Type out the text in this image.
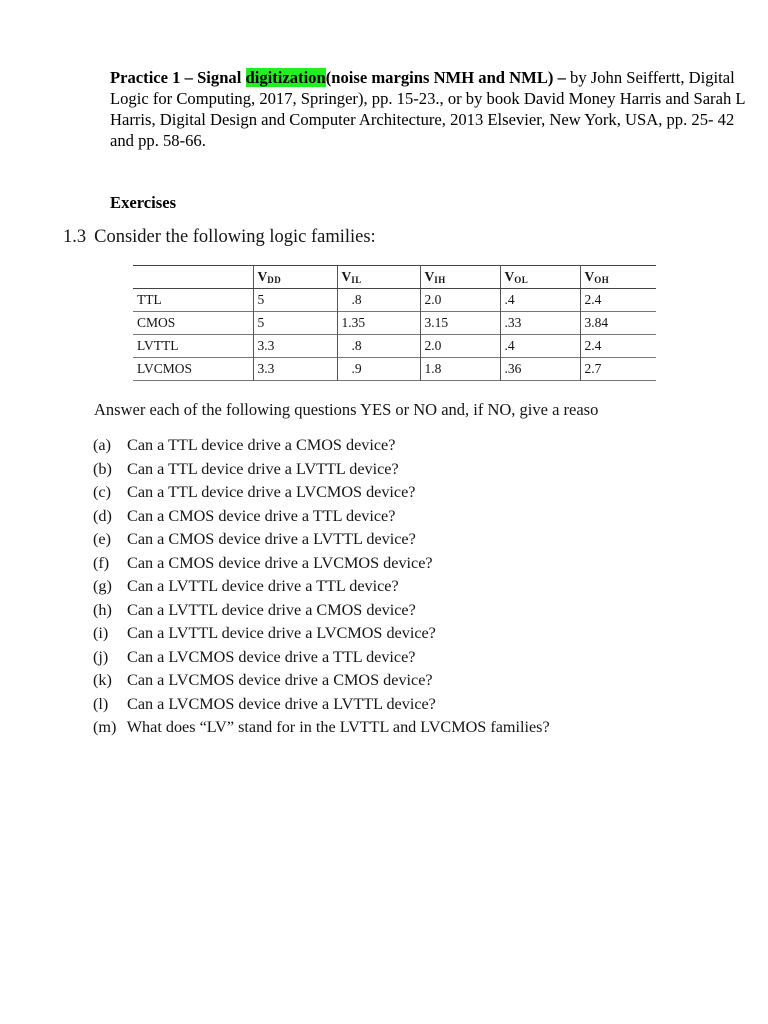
Practice 1 – Signal digitization(noise margins NMH and NML) – by John Seiffertt, Digital Logic for Computing, 2017, Springer), pp. 15-23., or by book David Money Harris and Sarah L Harris, Digital Design and Computer Architecture, 2013 Elsevier, New York, USA, pp. 25- 42 and pp. 58-66.
Exercises
1.3 Consider the following logic families:
	$V_{DD}$	$V_{IL}$	$V_{IH}$	$V_{OL}$	$V_{OH}$
TTL	5	.8	2.0	.4	2.4
CMOS	5	1.35	3.15	.33	3.84
LVTTL	3.3	.8	2.0	.4	2.4
LVCMOS	3.3	.9	1.8	.36	2.7
Answer each of the following questions YES or NO and, if NO, give a reaso
(a) Can a TTL device drive a CMOS device?
(b) Can a TTL device drive a LVTTL device?
(c) Can a TTL device drive a LVCMOS device?
(d) Can a CMOS device drive a TTL device?
(e) Can a CMOS device drive a LVTTL device?
(f) Can a CMOS device drive a LVCMOS device?
(g) Can a LVTTL device drive a TTL device?
(h) Can a LVTTL device drive a CMOS device?
(i) Can a LVTTL device drive a LVCMOS device?
(j) Can a LVCMOS device drive a TTL device?
(k) Can a LVCMOS device drive a CMOS device?
(l) Can a LVCMOS device drive a LVTTL device?
(m) What does “LV” stand for in the LVTTL and LVCMOS families?
